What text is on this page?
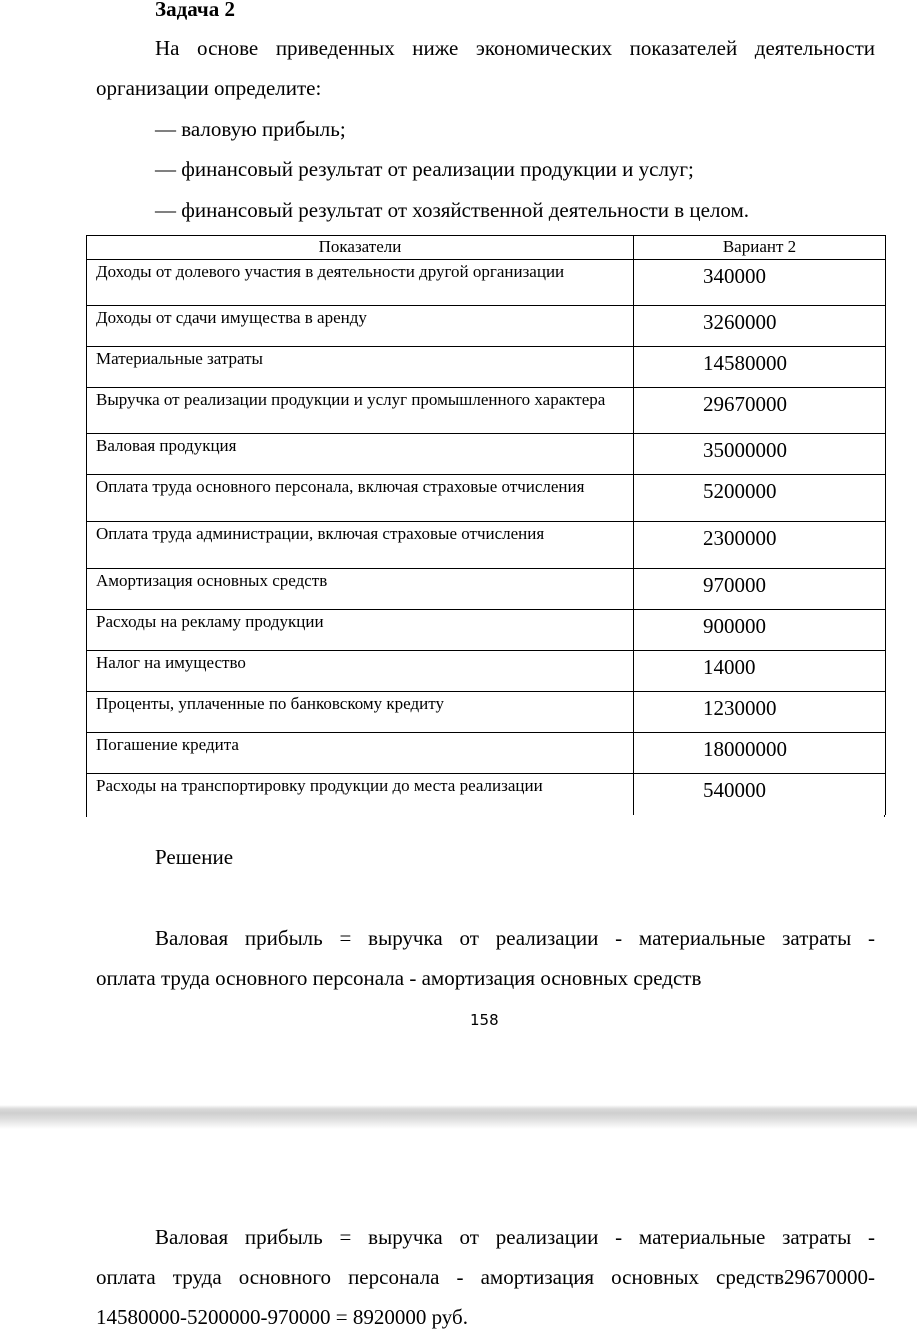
Задача 2
На основе приведенных ниже экономических показателей деятельности
организации определите:
— валовую прибыль;
— финансовый результат от реализации продукции и услуг;
— финансовый результат от хозяйственной деятельности в целом.
Показатели	Вариант 2
Доходы от долевого участия в деятельности другой организации	340000
Доходы от сдачи имущества в аренду	3260000
Материальные затраты	14580000
Выручка от реализации продукции и услуг промышленного характера	29670000
Валовая продукция	35000000
Оплата труда основного персонала, включая страховые отчисления	5200000
Оплата труда администрации, включая страховые отчисления	2300000
Амортизация основных средств	970000
Расходы на рекламу продукции	900000
Налог на имущество	14000
Проценты, уплаченные по банковскому кредиту	1230000
Погашение кредита	18000000
Расходы на транспортировку продукции до места реализации	540000
Решение
Валовая прибыль = выручка от реализации - материальные затраты -
оплата труда основного персонала - амортизация основных средств
158
Валовая прибыль = выручка от реализации - материальные затраты -
оплата труда основного персонала - амортизация основных средств29670000-
14580000-5200000-970000 = 8920000 руб.
